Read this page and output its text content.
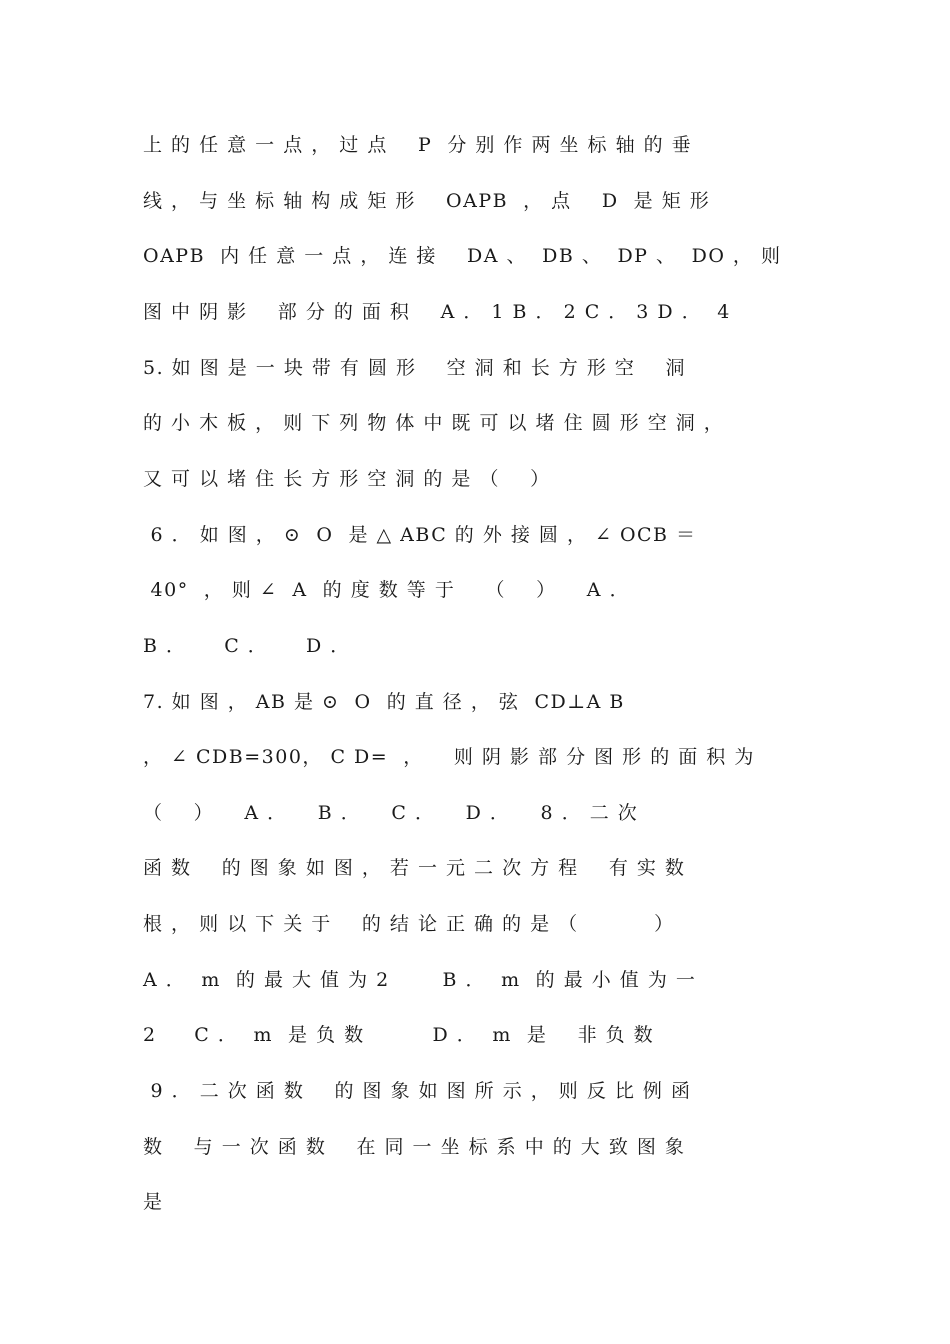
上 的 任 意 一 点 ， 过 点    P  分 别 作 两 坐 标 轴 的 垂
线 ， 与 坐 标 轴 构 成 矩 形    OAPB  ， 点    D  是 矩 形
OAPB  内 任 意 一 点 ， 连 接    DA 、  DB 、  DP 、  DO ， 则
图 中 阴 影    部 分 的 面 积    A ． 1 B ． 2 C ． 3 D ．  4
5. 如 图 是 一 块 带 有 圆 形    空 洞 和 长 方 形 空    洞
的 小 木 板 ， 则 下 列 物 体 中 既 可 以 堵 住 圆 形 空 洞 ，
又 可 以 堵 住 长 方 形 空 洞 的 是 （    ）
6 ． 如 图 ， ⊙  O  是 △ ABC 的 外 接 圆 ， ∠ OCB ＝
40°  ， 则 ∠  A  的 度 数 等 于    （    ）    A ．
B ．     C ．     D ．
7. 如 图 ， AB 是 ⊙  O  的 直 径 ， 弦  CD⊥A B
， ∠ CDB=300， C D=  ，    则 阴 影 部 分 图 形 的 面 积 为
（    ）    A ．    B ．    C ．    D ．    8 ． 二 次
函 数    的 图 象 如 图 ， 若 一 元 二 次 方 程    有 实 数
根 ， 则 以 下 关 于    的 结 论 正 确 的 是 （          ）
A ．  m  的 最 大 值 为 2       B ．  m  的 最 小 值 为 一
2     C ．  m  是 负 数         D ．  m  是    非 负 数
9 ． 二 次 函 数    的 图 象 如 图 所 示 ， 则 反 比 例 函
数    与 一 次 函 数    在 同 一 坐 标 系 中 的 大 致 图 象
是
